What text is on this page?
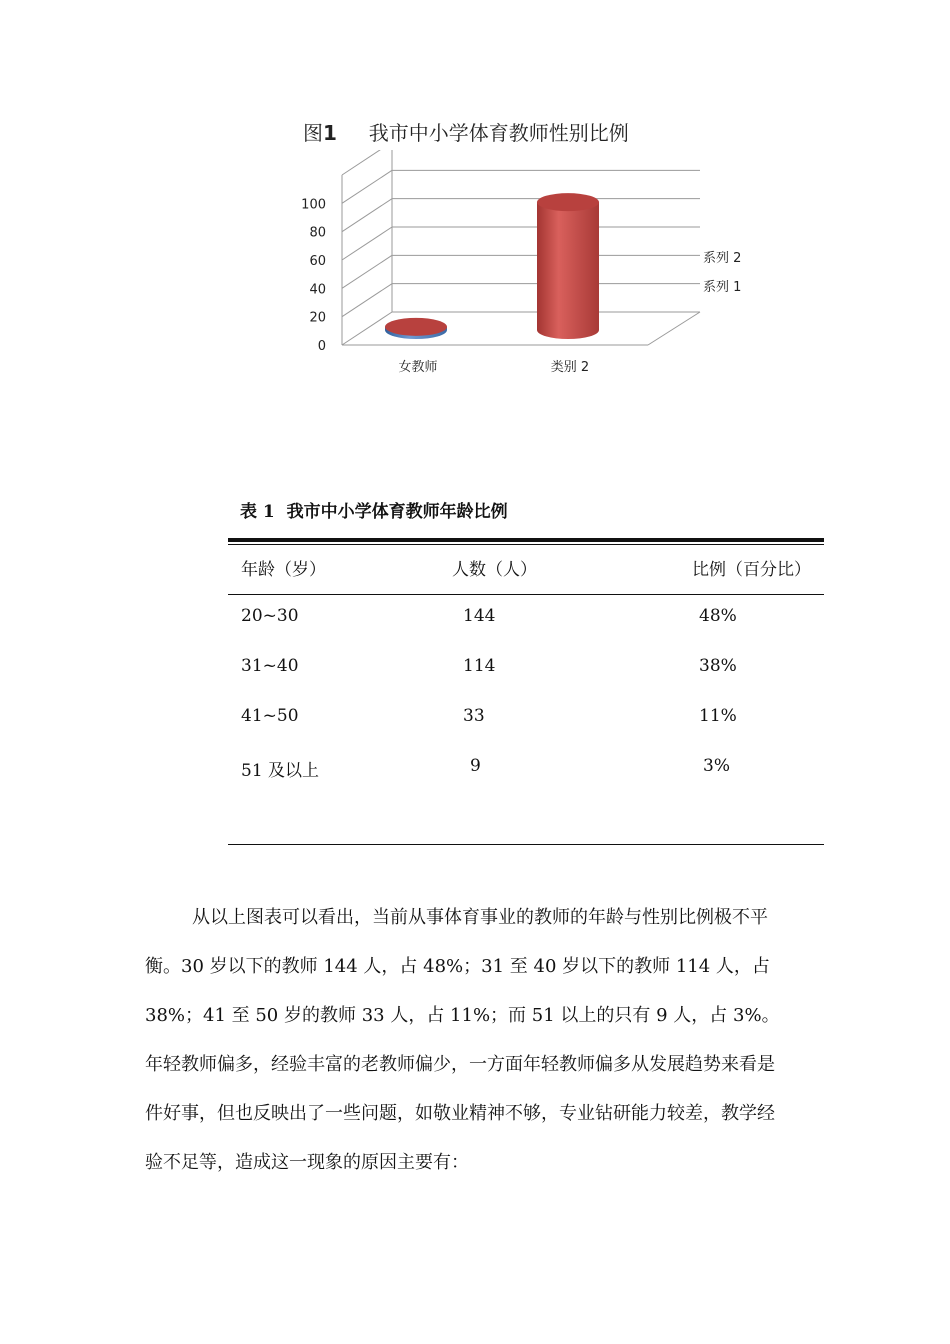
图1 我市中小学体育教师性别比例
0
20
40
60
80
100
女教师	类别 2
系列 2
系列 1
表 1  我市中小学体育教师年龄比例
年龄（岁）	人数（人）	比例（百分比）
20~30	144	48%
31~40	114	38%
41~50	33	11%
51 及以上	9	3%
从以上图表可以看出，当前从事体育事业的教师的年龄与性别比例极不平
衡。30 岁以下的教师 144 人，占 48%；31 至 40 岁以下的教师 114 人，占
38%；41 至 50 岁的教师 33 人，占 11%；而 51 以上的只有 9 人，占 3%。
年轻教师偏多，经验丰富的老教师偏少，一方面年轻教师偏多从发展趋势来看是
件好事，但也反映出了一些问题，如敬业精神不够，专业钻研能力较差，教学经
验不足等，造成这一现象的原因主要有：
